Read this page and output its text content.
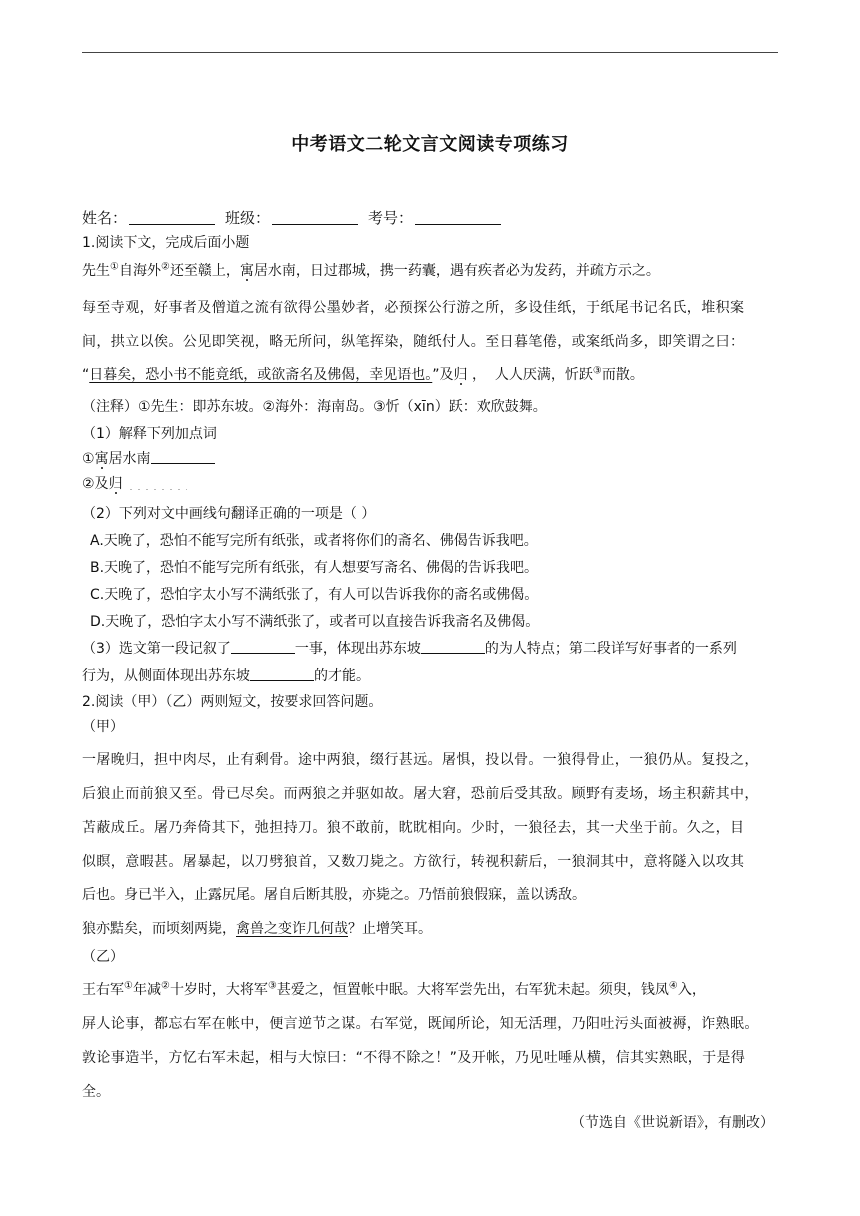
中考语文二轮文言文阅读专项练习
姓名：	班级：	考号：
1.阅读下文，完成后面小题
先生①自海外②还至赣上，寓居水南，日过郡城，携一药囊，遇有疾者必为发药，并疏方示之。
每至寺观，好事者及僧道之流有欲得公墨妙者，必预探公行游之所，多设佳纸，于纸尾书记名氏，堆积案
间，拱立以俟。公见即笑视，略无所问，纵笔挥染，随纸付人。至日暮笔倦，或案纸尚多，即笑谓之曰：
“日暮矣，恐小书不能竟纸，或欲斋名及佛偈，幸见语也。”及归 ，  人人厌满，忻跃③而散。
（注释）①先生：即苏东坡。②海外：海南岛。③忻（xīn）跃：欢欣鼓舞。
（1）解释下列加点词
①寓居水南
②及归
（2）下列对文中画线句翻译正确的一项是（ ）
A.天晚了，恐怕不能写完所有纸张，或者将你们的斋名、佛偈告诉我吧。
B.天晚了，恐怕不能写完所有纸张，有人想要写斋名、佛偈的告诉我吧。
C.天晚了，恐怕字太小写不满纸张了，有人可以告诉我你的斋名或佛偈。
D.天晚了，恐怕字太小写不满纸张了，或者可以直接告诉我斋名及佛偈。
（3）选文第一段记叙了	一事，体现出苏东坡	的为人特点；第二段详写好事者的一系列
行为，从侧面体现出苏东坡	的才能。
2.阅读（甲）（乙）两则短文，按要求回答问题。
（甲）
一屠晚归，担中肉尽，止有剩骨。途中两狼，缀行甚远。屠惧，投以骨。一狼得骨止，一狼仍从。复投之，
后狼止而前狼又至。骨已尽矣。而两狼之并驱如故。屠大窘，恐前后受其敌。顾野有麦场，场主积薪其中，
苫蔽成丘。屠乃奔倚其下，弛担持刀。狼不敢前，眈眈相向。少时，一狼径去，其一犬坐于前。久之，目
似瞑，意暇甚。屠暴起，以刀劈狼首，又数刀毙之。方欲行，转视积薪后，一狼洞其中，意将隧入以攻其
后也。身已半入，止露尻尾。屠自后断其股，亦毙之。乃悟前狼假寐，盖以诱敌。
狼亦黠矣，而顷刻两毙，禽兽之变诈几何哉？止增笑耳。
（乙）
王右军①年减②十岁时，大将军③甚爱之，恒置帐中眠。大将军尝先出，右军犹未起。须臾，钱凤④入，
屏人论事，都忘右军在帐中，便言逆节之谋。右军觉，既闻所论，知无活理，乃阳吐污头面被褥，诈熟眠。
敦论事造半，方忆右军未起，相与大惊曰：“不得不除之！”及开帐，乃见吐唾从横，信其实熟眠，于是得
全。
（节选自《世说新语》，有删改）
